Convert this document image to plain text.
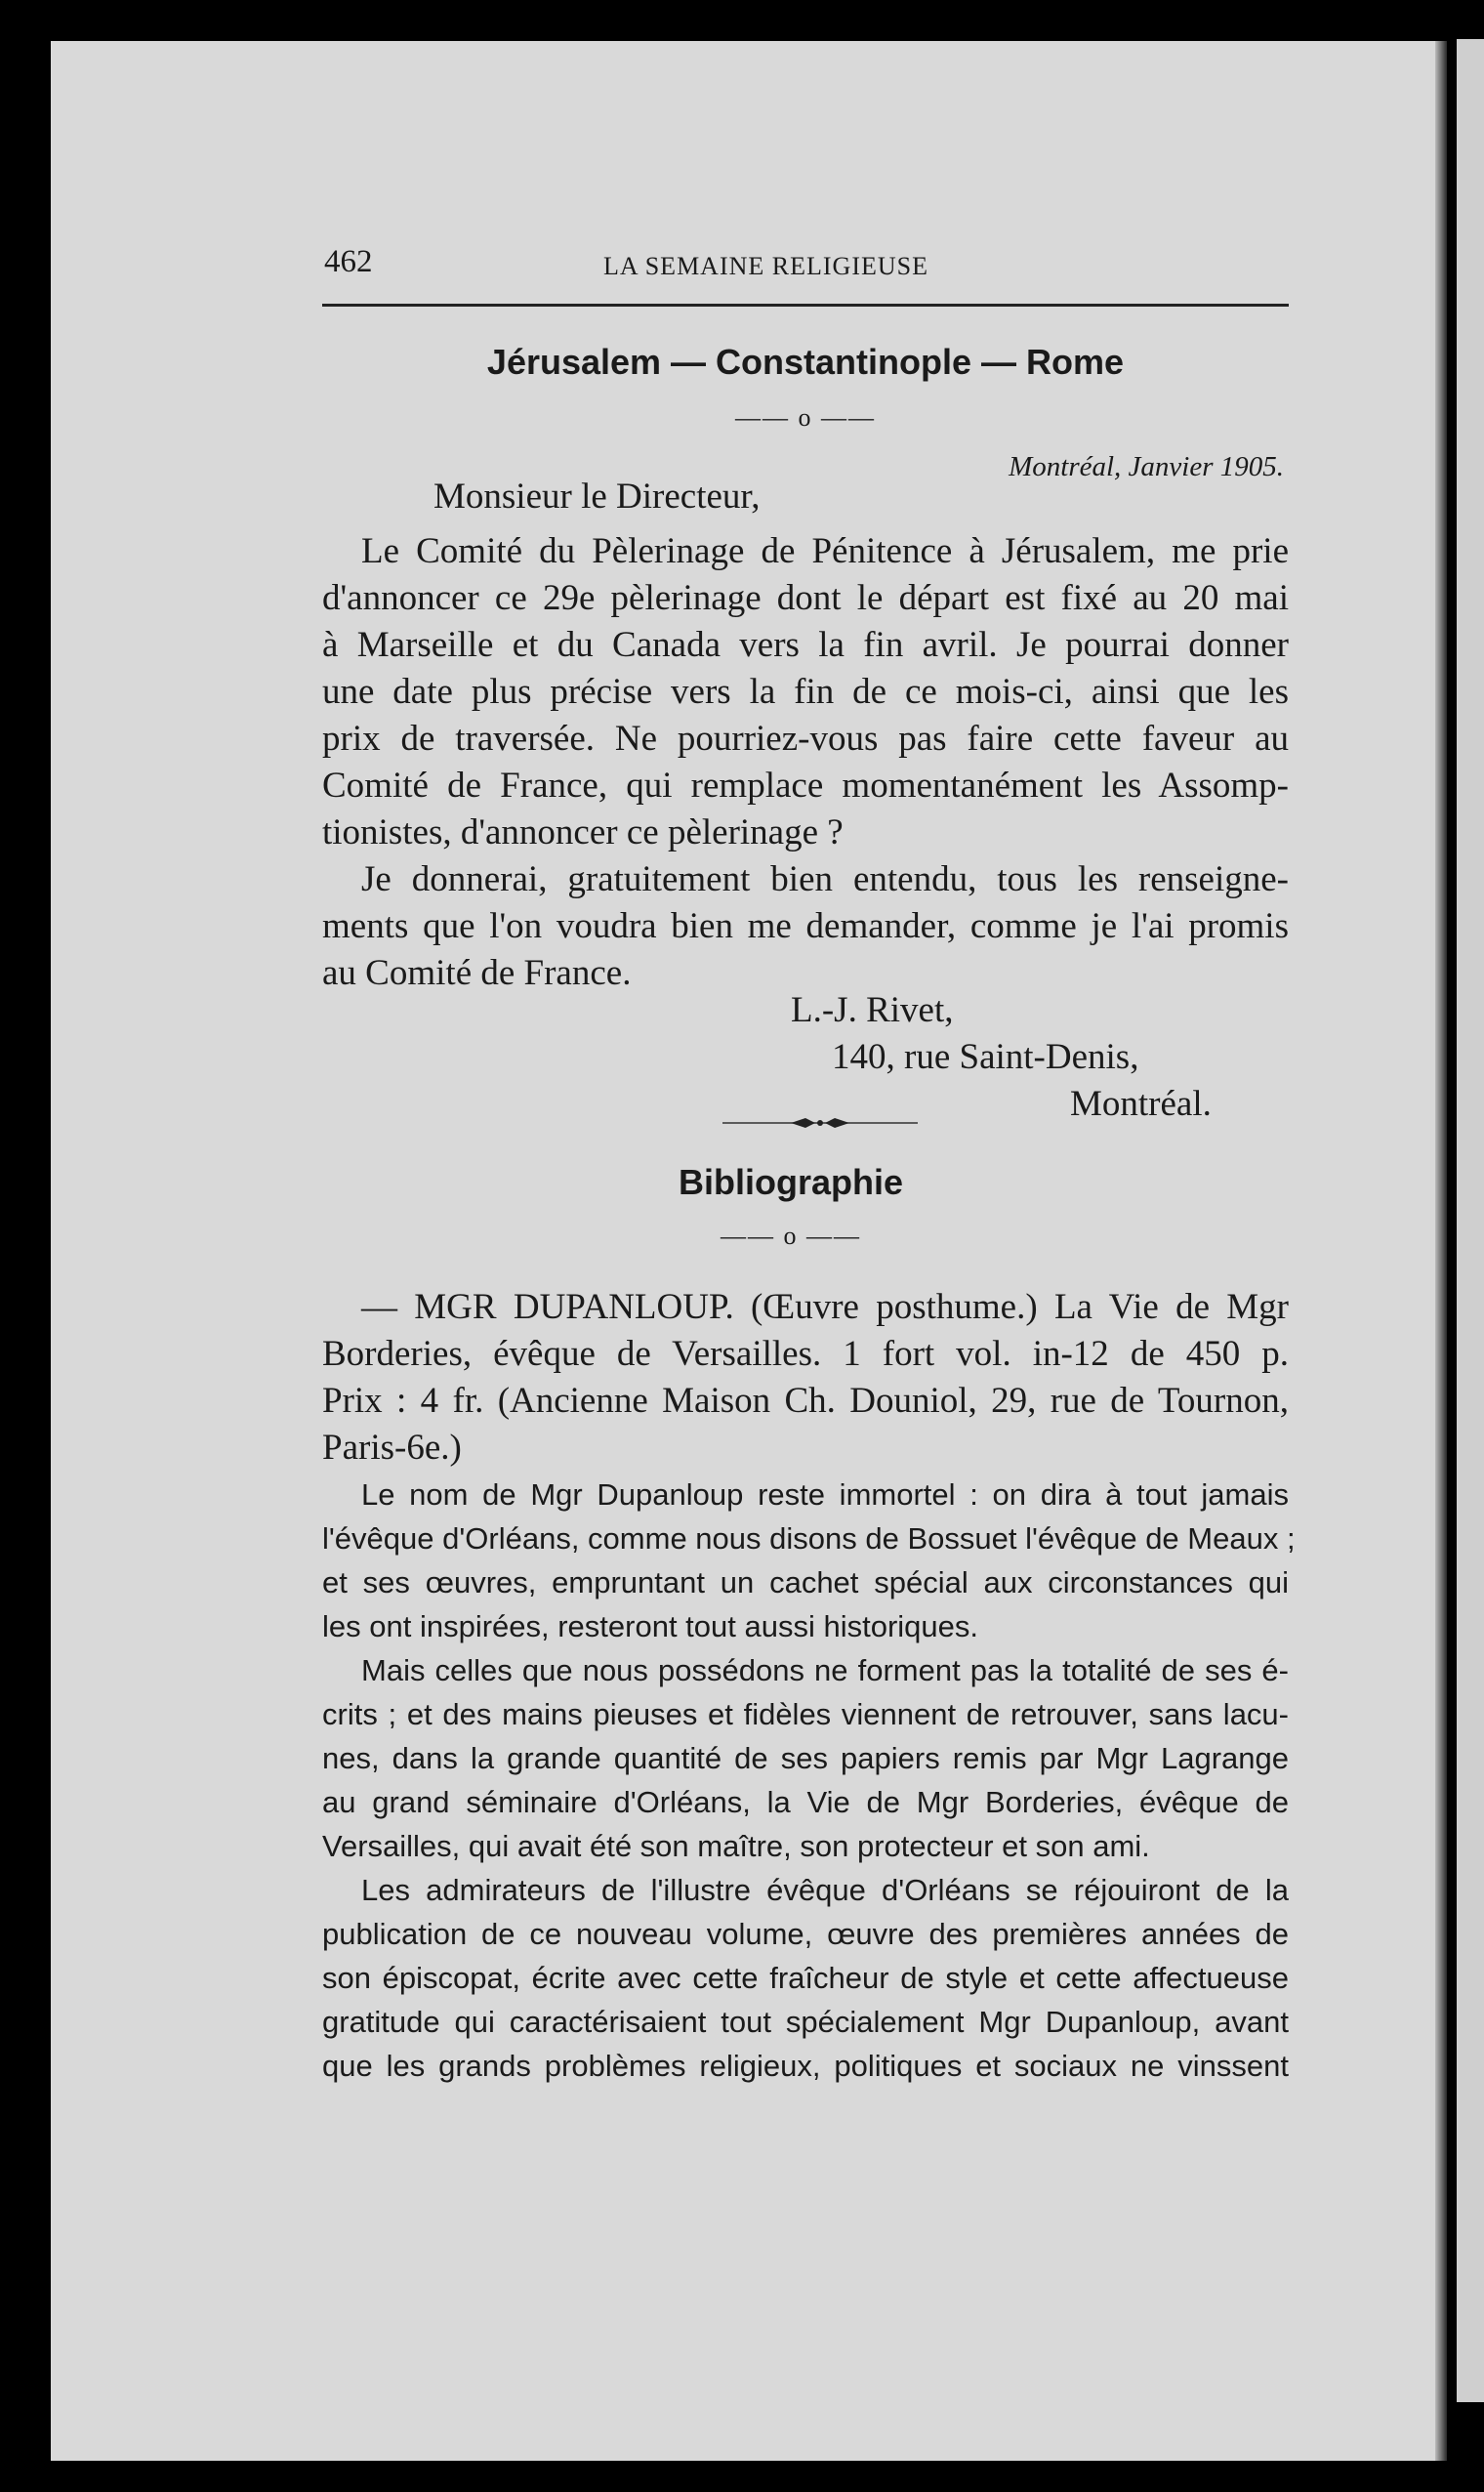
462	LA SEMAINE RELIGIEUSE
Jérusalem — Constantinople — Rome
—— o ——
Montréal, Janvier 1905.
Monsieur le Directeur,
Le Comité du Pèlerinage de Pénitence à Jérusalem, me prie
d'annoncer ce 29e pèlerinage dont le départ est fixé au 20 mai
à Marseille et du Canada vers la fin avril. Je pourrai donner
une date plus précise vers la fin de ce mois-ci, ainsi que les
prix de traversée. Ne pourriez-vous pas faire cette faveur au
Comité de France, qui remplace momentanément les Assomp-
tionistes, d'annoncer ce pèlerinage ?
Je donnerai, gratuitement bien entendu, tous les renseigne-
ments que l'on voudra bien me demander, comme je l'ai promis
au Comité de France.
L.-J. Rivet,
140, rue Saint-Denis,
Montréal.
Bibliographie
—— o ——
— MGR DUPANLOUP. (Œuvre posthume.) La Vie de Mgr
Borderies, évêque de Versailles. 1 fort vol. in-12 de 450 p.
Prix : 4 fr. (Ancienne Maison Ch. Douniol, 29, rue de Tournon,
Paris-6e.)
Le nom de Mgr Dupanloup reste immortel : on dira à tout jamais
l'évêque d'Orléans, comme nous disons de Bossuet l'évêque de Meaux ;
et ses œuvres, empruntant un cachet spécial aux circonstances qui
les ont inspirées, resteront tout aussi historiques.
Mais celles que nous possédons ne forment pas la totalité de ses é-
crits ; et des mains pieuses et fidèles viennent de retrouver, sans lacu-
nes, dans la grande quantité de ses papiers remis par Mgr Lagrange
au grand séminaire d'Orléans, la Vie de Mgr Borderies, évêque de
Versailles, qui avait été son maître, son protecteur et son ami.
Les admirateurs de l'illustre évêque d'Orléans se réjouiront de la
publication de ce nouveau volume, œuvre des premières années de
son épiscopat, écrite avec cette fraîcheur de style et cette affectueuse
gratitude qui caractérisaient tout spécialement Mgr Dupanloup, avant
que les grands problèmes religieux, politiques et sociaux ne vinssent
